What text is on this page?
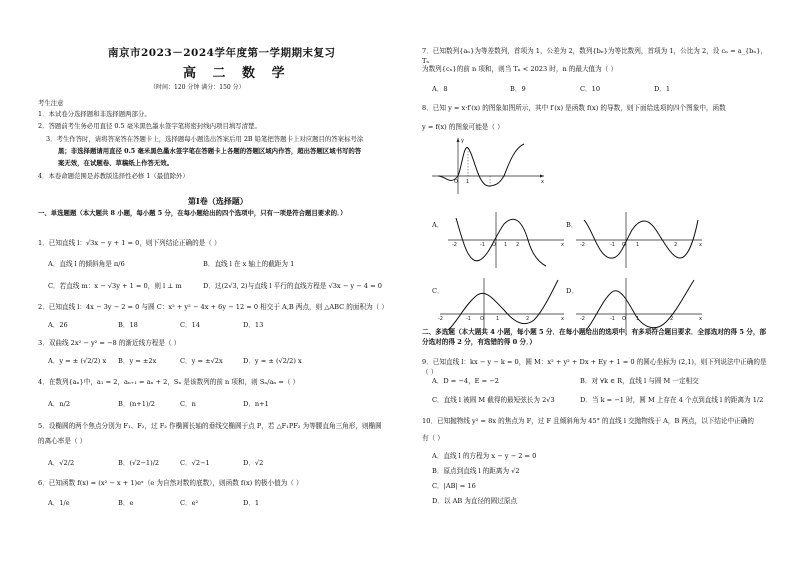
南京市2023－2024学年度第一学期期末复习
高 二 数 学
（时间：120 分钟 满分：150 分）
考生注意
1．本试卷分选择题和非选择题两部分。
2．答题前考生务必用直径 0.5 毫米黑色墨水签字笔将密封线内项目填写清楚。
3．考生作答时，请将答案答在答题卡上，选择题每小题选出答案后用 2B 铅笔把答题卡上对应题目的答案标号涂
黑；非选择题请用直径 0.5 毫米黑色墨水签字笔在答题卡上各题的答题区域内作答，超出答题区域书写的答
案无效，在试题卷、草稿纸上作答无效。
4．本卷命题范围是苏教版选择性必修 1（最值除外）
第Ⅰ卷（选择题）
一、单选题题（本大题共 8 小题，每小题 5 分，在每小题给出的四个选项中，只有一项是符合题目要求的．）
1．已知直线 l：√3x − y + 1 = 0，则下列结论正确的是（ ）
A．直线 l 的倾斜角是 π/6	B．直线 l 在 x 轴上的截距为 1
C．若直线 m：x − √3y + 1 = 0，则 l ⊥ m	D．过(2√3, 2)与直线 l 平行的直线方程是 √3x − y − 4 = 0
2．已知直线 l：4x − 3y − 2 = 0 与圆 C：x² + y² − 4x + 6y − 12 = 0 相交于 A,B 两点，则 △ABC 的面积为（ ）
A．26	B．18	C．14	D．13
3．双曲线 2x² − y² = −8 的渐近线方程是（ ）
A．y = ± (√2/2) x	B．y = ±2x	C．y = ±√2x	D．y = ± (√2/2) x
4．在数列{aₙ}中，a₁ = 2，aₙ₊₁ = aₙ + 2，Sₙ 是该数列的前 n 项和，则 Sₙ/aₙ =（ ）
A．n/2	B．(n+1)/2	C．n	D．n+1
5．设椭圆的两个焦点分别为 F₁、F₂，过 F₂ 作椭圆长轴的垂线交椭圆于点 P，若 △F₁PF₂ 为等腰直角三角形，则椭圆
的离心率是（ ）
A．√2/2	B．(√2−1)/2	C．√2−1	D．√2
6．已知函数 f(x) = (x² − x + 1)eˣ（e 为自然对数的底数），则函数 f(x) 的极小值为（ ）
A．1/e	B．e	C．e²	D．1
7．已知数列{aₙ}为等差数列，首项为 1，公差为 2，数列{bₙ}为等比数列，首项为 1，公比为 2，设 cₙ = a_{bₙ}，Tₙ
为数列{cₙ}的前 n 项和，则当 Tₙ < 2023 时，n 的最大值为（ ）
A．8	B．9	C．10	D．1
8．已知 y = x·f′(x) 的图象如图所示，其中 f′(x) 是函数 f(x) 的导数，则下面给选项的四个图象中，函数
y = f(x) 的图象可能是（ ）
O 1	x
y
-2	-1 O 1 2	x	-2	-1 O 1	2	x
-2	-1 O 1	2	x	-2	-1 O 1	2	x
A．	B．
C．	D．
二、多选题（本大题共 4 小题，每小题 5 分．在每小题给出的选项中，有多项符合题目要求．全部选对的得 5 分，部分选对的得 2 分，有选错的得 0 分．）
9．已知直线 l：kx − y − k = 0，圆 M：x² + y² + Dx + Ey + 1 = 0 的圆心坐标为 (2,1)，则下列说法中正确的是（ ）
A．D = −4，E = −2	B．对 ∀k ∈ R，直线 l 与圆 M 一定相交
C．直线 l 被圆 M 截得的最短弦长为 2√3	D．当 k = −1 时，圆 M 上存在 4 个点到直线 l 的距离为 1/2
10．已知抛物线 y² = 8x 的焦点为 F，过 F 且倾斜角为 45° 的直线 l 交抛物线于 A，B 两点，以下结论中正确的
有（ ）
A．直线 l 的方程为 x − y − 2 = 0
B．原点到直线 l 的距离为 √2
C．|AB| = 16
D．以 AB 为直径的圆过原点
